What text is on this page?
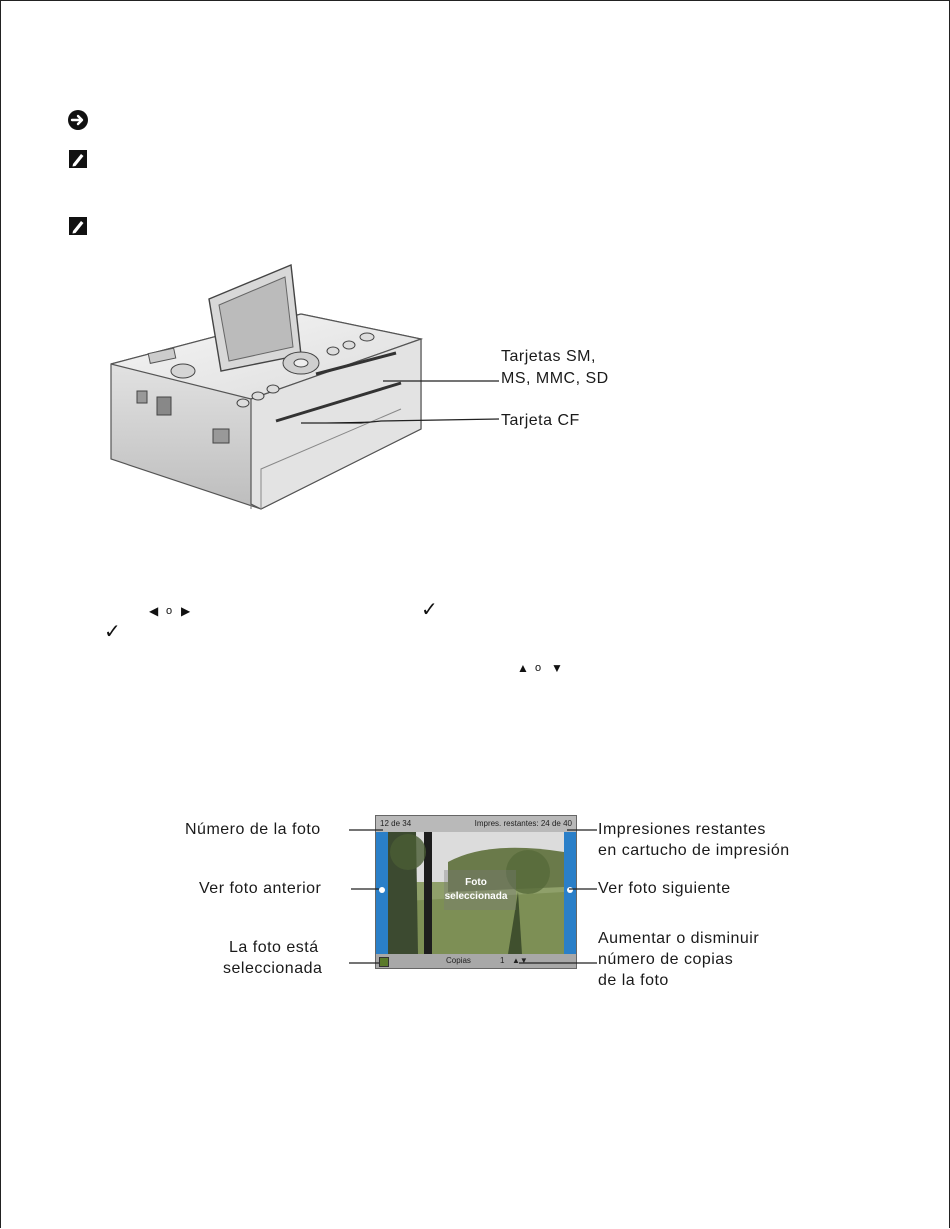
Tarjetas SM,
MS, MMC, SD
Tarjeta CF
◀ o ▶	✓
✓
▲ o ▼
12 de 34	Impres. restantes: 24 de 40
Foto
seleccionada
Copias	1 ▲▼
Número de la foto	Impresiones restantes
en cartucho de impresión
Ver foto anterior	Ver foto siguiente
La foto está
seleccionada
Aumentar o disminuir
número de copias
de la foto
